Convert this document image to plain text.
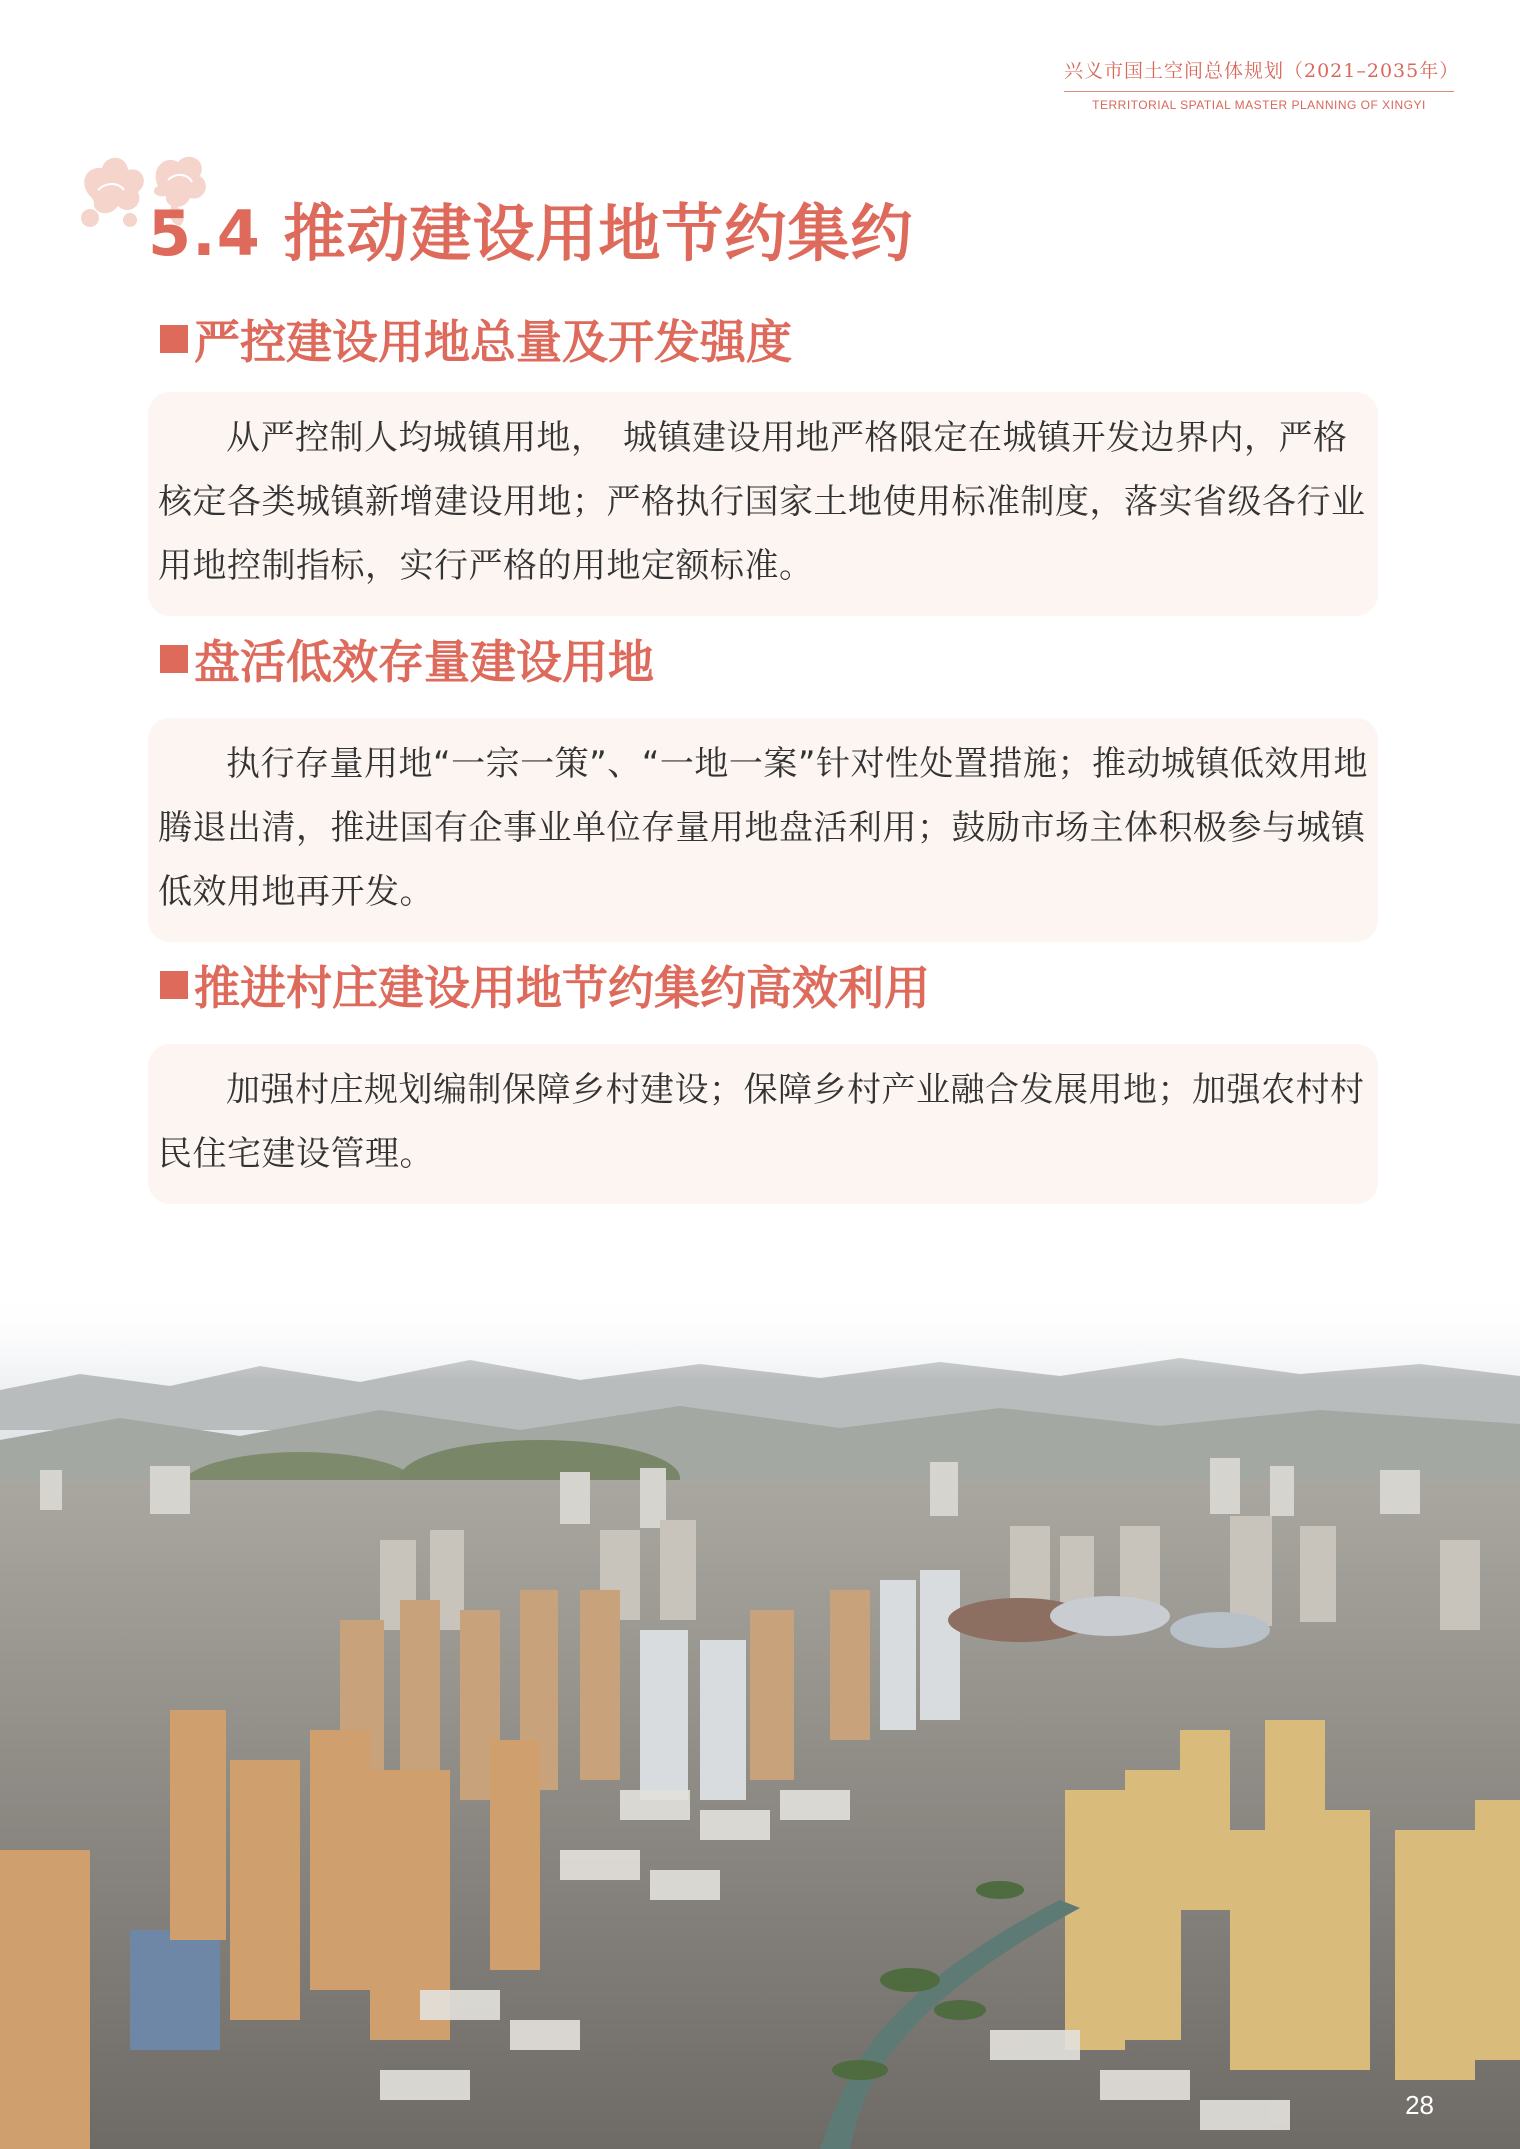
兴义市国土空间总体规划（2021–2035年）
TERRITORIAL SPATIAL MASTER PLANNING OF XINGYI
5.4 推动建设用地节约集约
严控建设用地总量及开发强度

从严控制人均城镇用地，　城镇建设用地严格限定在城镇开发边界内，严格核定各类城镇新增建设用地；严格执行国家土地使用标准制度，落实省级各行业用地控制指标，实行严格的用地定额标准。

盘活低效存量建设用地

执行存量用地“一宗一策”、“一地一案”针对性处置措施；推动城镇低效用地腾退出清，推进国有企事业单位存量用地盘活利用；鼓励市场主体积极参与城镇低效用地再开发。

推进村庄建设用地节约集约高效利用

加强村庄规划编制保障乡村建设；保障乡村产业融合发展用地；加强农村村民住宅建设管理。

28
